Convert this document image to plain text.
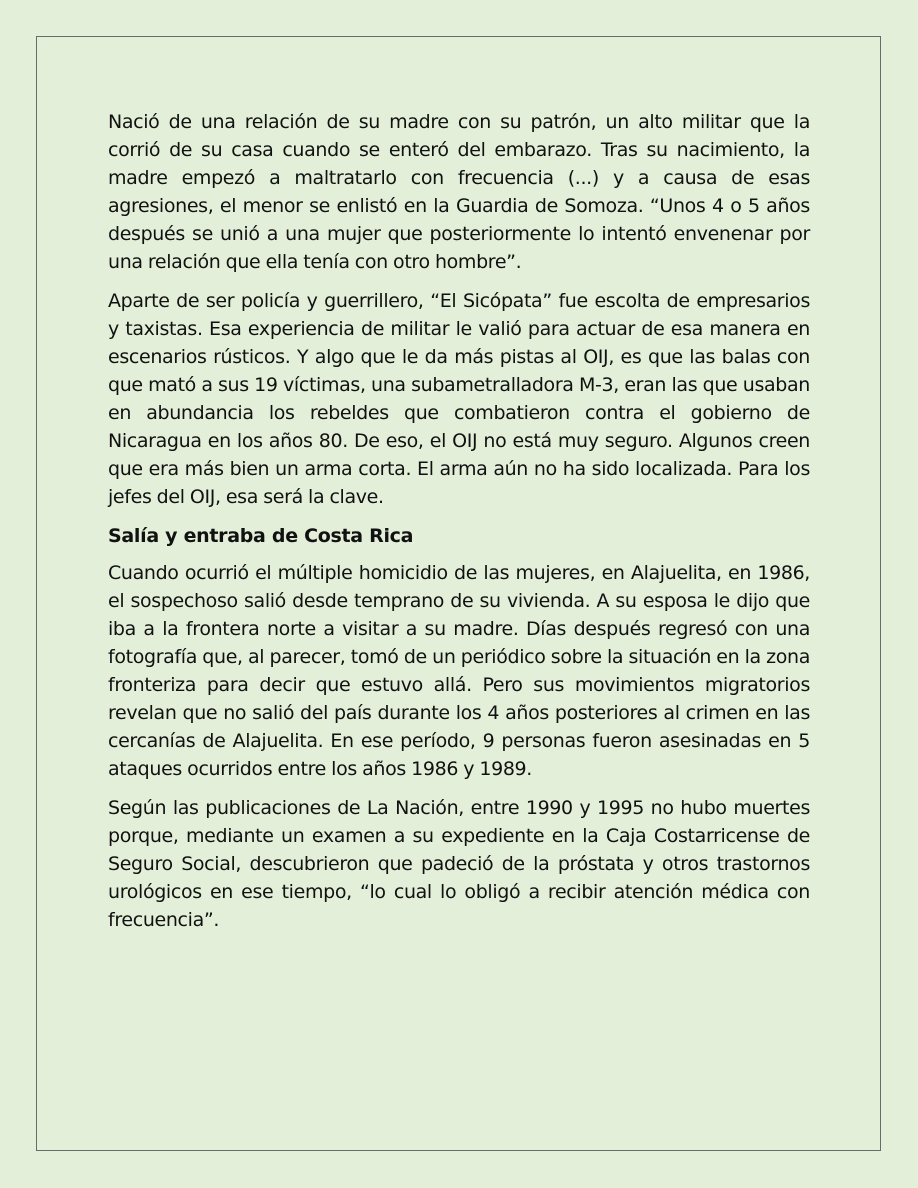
Nació de una relación de su madre con su patrón, un alto militar que la corrió de su casa cuando se enteró del embarazo. Tras su nacimiento, la madre empezó a maltratarlo con frecuencia (...) y a causa de esas agresiones, el menor se enlistó en la Guardia de Somoza. “Unos 4 o 5 años después se unió a una mujer que posteriormente lo intentó envenenar por una relación que ella tenía con otro hombre”.

Aparte de ser policía y guerrillero, “El Sicópata” fue escolta de empresarios y taxistas. Esa experiencia de militar le valió para actuar de esa manera en escenarios rústicos. Y algo que le da más pistas al OIJ, es que las balas con que mató a sus 19 víctimas, una subametralladora M-3, eran las que usaban en abundancia los rebeldes que combatieron contra el gobierno de Nicaragua en los años 80. De eso, el OIJ no está muy seguro. Algunos creen que era más bien un arma corta. El arma aún no ha sido localizada. Para los jefes del OIJ, esa será la clave.

Salía y entraba de Costa Rica

Cuando ocurrió el múltiple homicidio de las mujeres, en Alajuelita, en 1986, el sospechoso salió desde temprano de su vivienda. A su esposa le dijo que iba a la frontera norte a visitar a su madre. Días después regresó con una fotografía que, al parecer, tomó de un periódico sobre la situación en la zona fronteriza para decir que estuvo allá. Pero sus movimientos migratorios revelan que no salió del país durante los 4 años posteriores al crimen en las cercanías de Alajuelita. En ese período, 9 personas fueron asesinadas en 5 ataques ocurridos entre los años 1986 y 1989.

Según las publicaciones de La Nación, entre 1990 y 1995 no hubo muertes porque, mediante un examen a su expediente en la Caja Costarricense de Seguro Social, descubrieron que padeció de la próstata y otros trastornos urológicos en ese tiempo, “lo cual lo obligó a recibir atención médica con frecuencia”.
